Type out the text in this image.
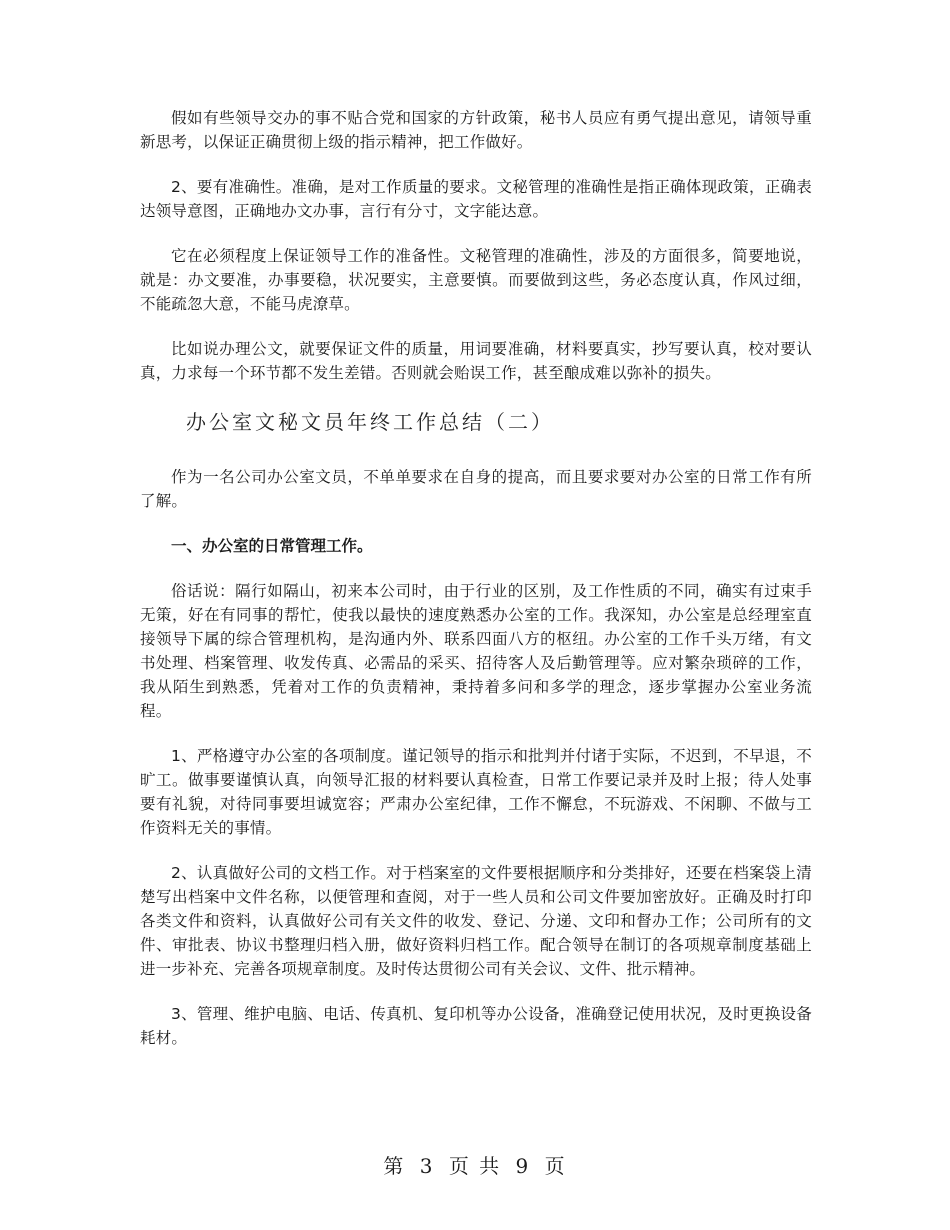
假如有些领导交办的事不贴合党和国家的方针政策，秘书人员应有勇气提出意见，请领导重新思考，以保证正确贯彻上级的指示精神，把工作做好。

2、要有准确性。准确，是对工作质量的要求。文秘管理的准确性是指正确体现政策，正确表达领导意图，正确地办文办事，言行有分寸，文字能达意。

它在必须程度上保证领导工作的准备性。文秘管理的准确性，涉及的方面很多，简要地说，就是：办文要准，办事要稳，状况要实，主意要慎。而要做到这些，务必态度认真，作风过细，不能疏忽大意，不能马虎潦草。

比如说办理公文，就要保证文件的质量，用词要准确，材料要真实，抄写要认真，校对要认真，力求每一个环节都不发生差错。否则就会贻误工作，甚至酿成难以弥补的损失。

办公室文秘文员年终工作总结（二）

作为一名公司办公室文员，不单单要求在自身的提高，而且要求要对办公室的日常工作有所了解。

一、办公室的日常管理工作。

俗话说：隔行如隔山，初来本公司时，由于行业的区别，及工作性质的不同，确实有过束手无策，好在有同事的帮忙，使我以最快的速度熟悉办公室的工作。我深知，办公室是总经理室直接领导下属的综合管理机构，是沟通内外、联系四面八方的枢纽。办公室的工作千头万绪，有文书处理、档案管理、收发传真、必需品的采买、招待客人及后勤管理等。应对繁杂琐碎的工作，我从陌生到熟悉，凭着对工作的负责精神，秉持着多问和多学的理念，逐步掌握办公室业务流程。

1、严格遵守办公室的各项制度。谨记领导的指示和批判并付诸于实际，不迟到，不早退，不旷工。做事要谨慎认真，向领导汇报的材料要认真检查，日常工作要记录并及时上报；待人处事要有礼貌，对待同事要坦诚宽容；严肃办公室纪律，工作不懈怠，不玩游戏、不闲聊、不做与工作资料无关的事情。

2、认真做好公司的文档工作。对于档案室的文件要根据顺序和分类排好，还要在档案袋上清楚写出档案中文件名称，以便管理和查阅，对于一些人员和公司文件要加密放好。正确及时打印各类文件和资料，认真做好公司有关文件的收发、登记、分递、文印和督办工作；公司所有的文件、审批表、协议书整理归档入册，做好资料归档工作。配合领导在制订的各项规章制度基础上进一步补充、完善各项规章制度。及时传达贯彻公司有关会议、文件、批示精神。

3、管理、维护电脑、电话、传真机、复印机等办公设备，准确登记使用状况，及时更换设备耗材。

第 3 页 共 9 页
